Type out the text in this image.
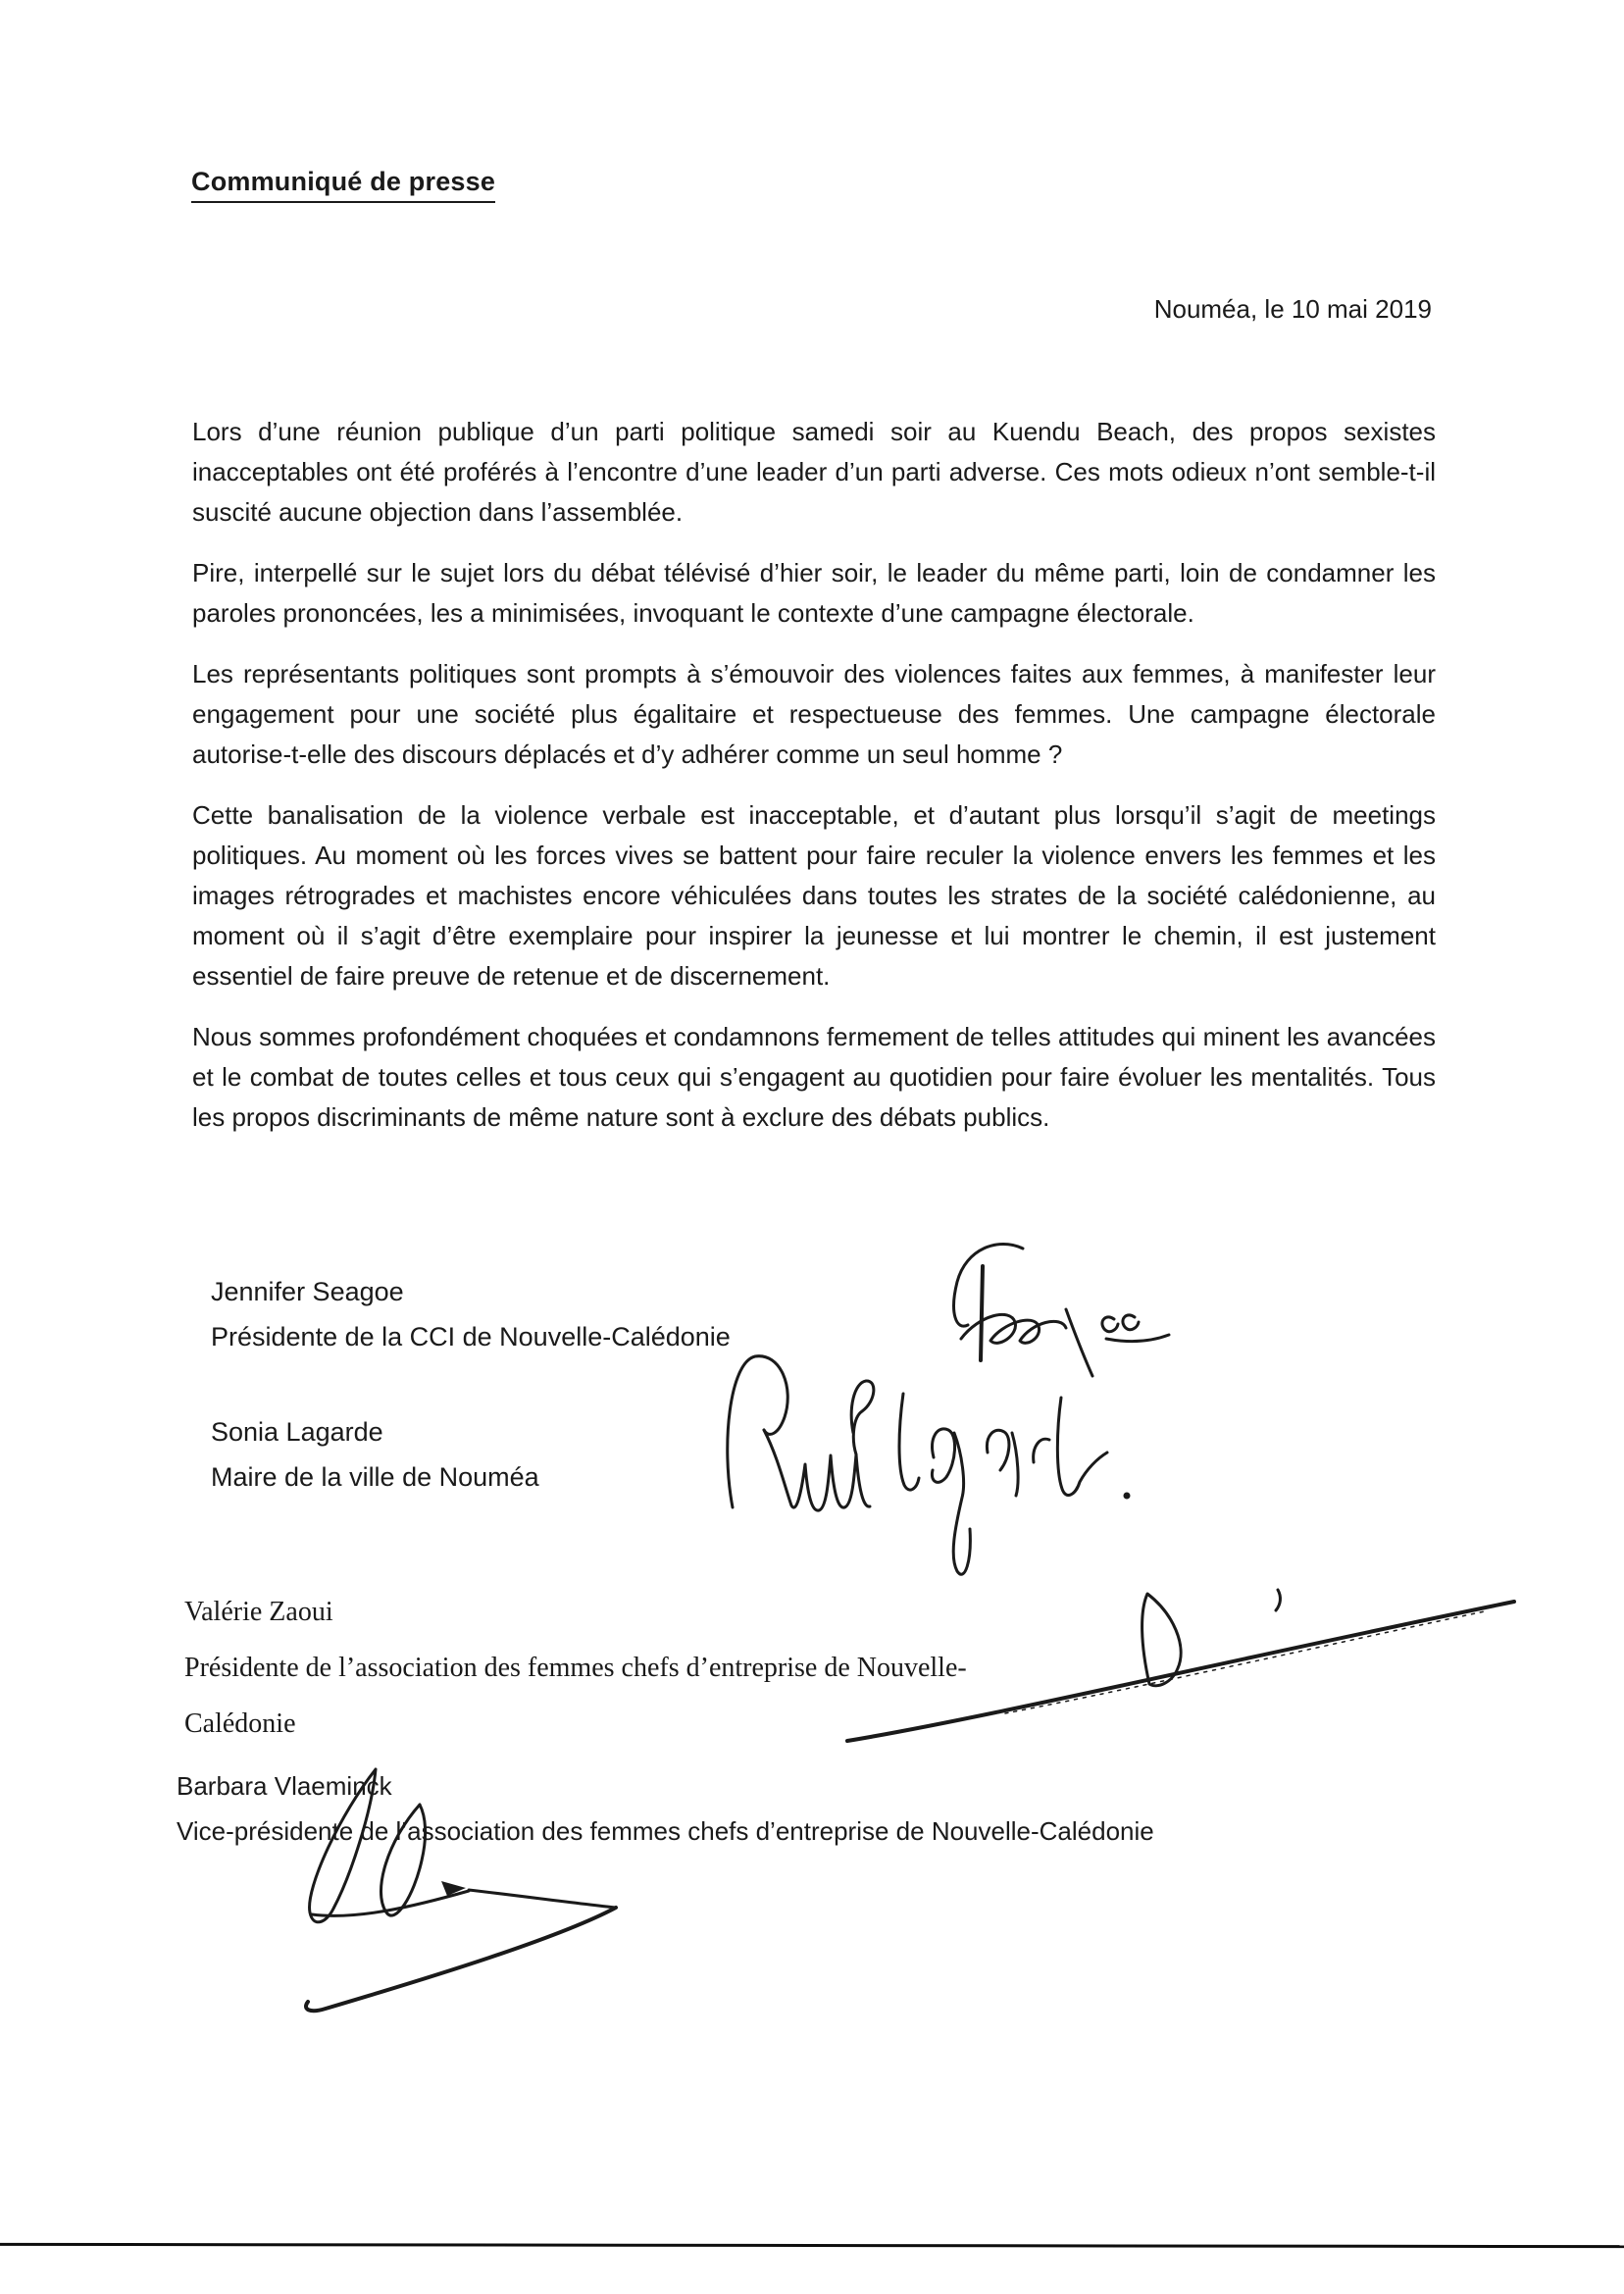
Communiqué de presse
Nouméa, le 10 mai 2019

Lors d’une réunion publique d’un parti politique samedi soir au Kuendu Beach, des propos sexistes inacceptables ont été proférés à l’encontre d’une leader d’un parti adverse. Ces mots odieux n’ont semble-t-il suscité aucune objection dans l’assemblée.

Pire, interpellé sur le sujet lors du débat télévisé d’hier soir, le leader du même parti, loin de condamner les paroles prononcées, les a minimisées, invoquant le contexte d’une campagne électorale.

Les représentants politiques sont prompts à s’émouvoir des violences faites aux femmes, à manifester leur engagement pour une société plus égalitaire et respectueuse des femmes. Une campagne électorale autorise-t-elle des discours déplacés et d’y adhérer comme un seul homme ?

Cette banalisation de la violence verbale est inacceptable, et d’autant plus lorsqu’il s’agit de meetings politiques. Au moment où les forces vives se battent pour faire reculer la violence envers les femmes et les images rétrogrades et machistes encore véhiculées dans toutes les strates de la société calédonienne, au moment où il s’agit d’être exemplaire pour inspirer la jeunesse et lui montrer le chemin, il est justement essentiel de faire preuve de retenue et de discernement.

Nous sommes profondément choquées et condamnons fermement de telles attitudes qui minent les avancées et le combat de toutes celles et tous ceux qui s’engagent au quotidien pour faire évoluer les mentalités. Tous les propos discriminants de même nature sont à exclure des débats publics.

Jennifer Seagoe
Présidente de la CCI de Nouvelle-Calédonie
Sonia Lagarde
Maire de la ville de Nouméa
Valérie Zaoui
Présidente de l’association des femmes chefs d’entreprise de Nouvelle-Calédonie
Barbara Vlaeminck
Vice-présidente de l’association des femmes chefs d’entreprise de Nouvelle-Calédonie
